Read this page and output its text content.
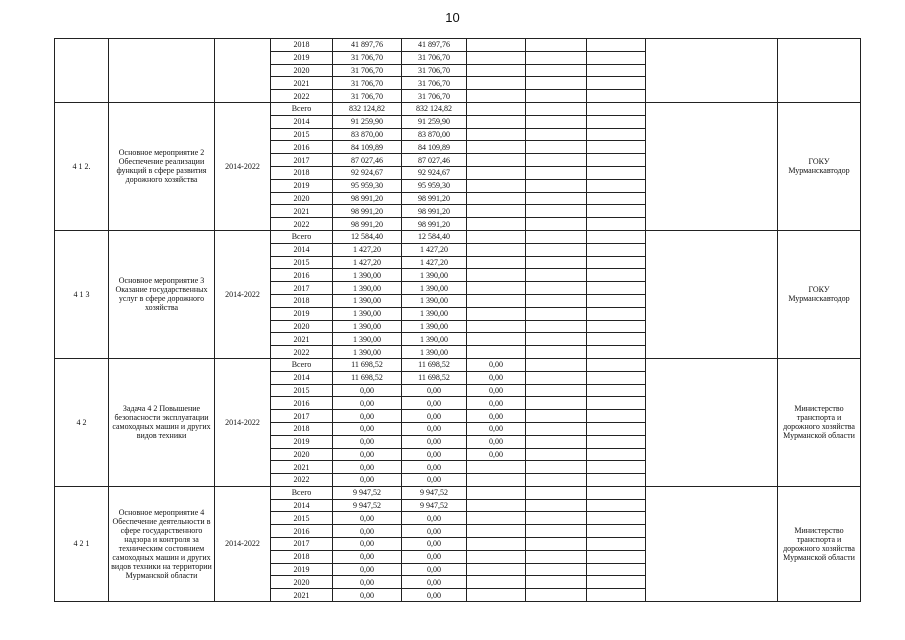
10
			2018	41 897,76	41 897,76					
			2019	31 706,70	31 706,70					
			2020	31 706,70	31 706,70					
			2021	31 706,70	31 706,70					
			2022	31 706,70	31 706,70					
4 1 2.	Основное мероприятие 2 Обеспечение реализации функций в сфере развития дорожного хозяйства	2014-2022	Всего	832 124,82	832 124,82					ГОКУ Мурманскавтодор
			2014	91 259,90	91 259,90					
			2015	83 870,00	83 870,00					
			2016	84 109,89	84 109,89					
			2017	87 027,46	87 027,46					
			2018	92 924,67	92 924,67					
			2019	95 959,30	95 959,30					
			2020	98 991,20	98 991,20					
			2021	98 991,20	98 991,20					
			2022	98 991,20	98 991,20					
4 1 3	Основное мероприятие 3 Оказание государственных услуг в сфере дорожного хозяйства	2014-2022	Всего	12 584,40	12 584,40					ГОКУ Мурманскавтодор
			2014	1 427,20	1 427,20					
			2015	1 427,20	1 427,20					
			2016	1 390,00	1 390,00					
			2017	1 390,00	1 390,00					
			2018	1 390,00	1 390,00					
			2019	1 390,00	1 390,00					
			2020	1 390,00	1 390,00					
			2021	1 390,00	1 390,00					
			2022	1 390,00	1 390,00					
4 2	Задача 4 2 Повышение безопасности эксплуатации самоходных машин и других видов техники	2014-2022	Всего	11 698,52	11 698,52	0,00				Министерство транспорта и дорожного хозяйства Мурманской области
			2014	11 698,52	11 698,52	0,00				
			2015	0,00	0,00	0,00				
			2016	0,00	0,00	0,00				
			2017	0,00	0,00	0,00				
			2018	0,00	0,00	0,00				
			2019	0,00	0,00	0,00				
			2020	0,00	0,00	0,00				
			2021	0,00	0,00					
			2022	0,00	0,00					
4 2 1	Основное мероприятие 4 Обеспечение деятельности в сфере государственного надзора и контроля за техническим состоянием самоходных машин и других видов техники на территории Мурманской области	2014-2022	Всего	9 947,52	9 947,52					Министерство транспорта и дорожного хозяйства Мурманской области
			2014	9 947,52	9 947,52					
			2015	0,00	0,00					
			2016	0,00	0,00					
			2017	0,00	0,00					
			2018	0,00	0,00					
			2019	0,00	0,00					
			2020	0,00	0,00					
			2021	0,00	0,00					
